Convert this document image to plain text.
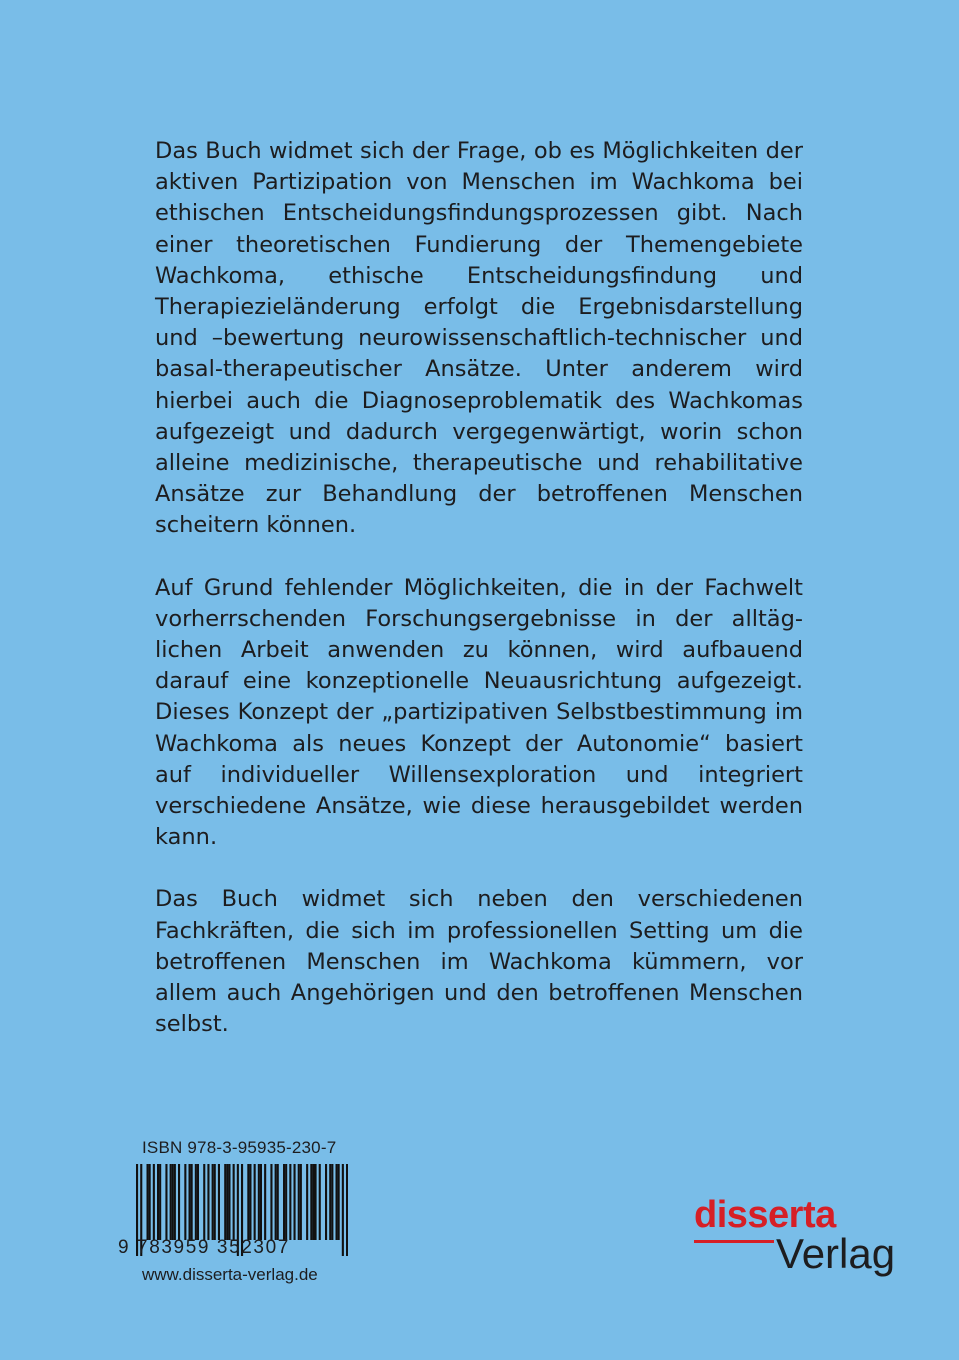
Das Buch widmet sich der Frage, ob es Möglichkeiten der aktiven Partizipation von Menschen im Wachkoma bei ethischen Entscheidungsfindungsprozessen gibt. Nach einer theoretischen Fundierung der Themengebiete Wachkoma, ethische Entscheidungsfindung und Therapiezieländerung erfolgt die Ergebnisdarstellung und –bewertung neurowissenschaftlich-technischer und basal-therapeutischer Ansätze. Unter anderem wird hierbei auch die Diagnoseproblematik des Wachkomas aufgezeigt und dadurch vergegenwärtigt, worin schon alleine medizinische, therapeutische und rehabilitative Ansätze zur Behandlung der betroffenen Menschen scheitern können.

Auf Grund fehlender Möglichkeiten, die in der Fachwelt vorherrschenden Forschungsergebnisse in der alltäglichen Arbeit anwenden zu können, wird aufbauend darauf eine konzeptionelle Neuausrichtung aufgezeigt. Dieses Konzept der „partizipativen Selbstbestimmung im Wachkoma als neues Konzept der Autonomie“ basiert auf individueller Willensexploration und integriert verschiedene Ansätze, wie diese herausgebildet werden kann.

Das Buch widmet sich neben den verschiedenen Fachkräften, die sich im professionellen Setting um die betroffenen Menschen im Wachkoma kümmern, vor allem auch Angehörigen und den betroffenen Menschen selbst.

ISBN 978-3-95935-230-7
9 783959 352307
www.disserta-verlag.de
disserta
Verlag
